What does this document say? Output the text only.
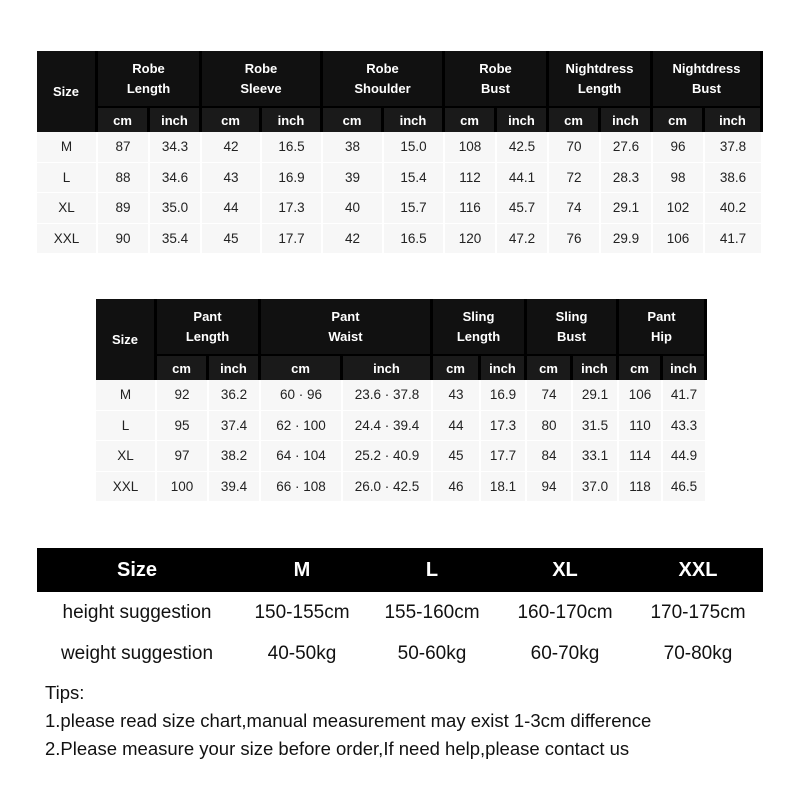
Size	
Robe
Length

Robe
Sleeve

Robe
Shoulder

Robe
Bust

Nightdress
Length

Nightdress
Bust

	cm	inch	cm	inch	cm	inch	cm	inch	cm	inch	cm	inch
M	87	34.3	42	16.5	38	15.0	108	42.5	70	27.6	96	37.8
L	88	34.6	43	16.9	39	15.4	112	44.1	72	28.3	98	38.6
XL	89	35.0	44	17.3	40	15.7	116	45.7	74	29.1	102	40.2
XXL	90	35.4	45	17.7	42	16.5	120	47.2	76	29.9	106	41.7
Size	
Pant
Length

Pant
Waist

Sling
Length

Sling
Bust

Pant
Hip

	cm	inch	cm	inch	cm	inch	cm	inch	cm	inch
M	92	36.2	60 · 96	23.6 · 37.8	43	16.9	74	29.1	106	41.7
L	95	37.4	62 · 100	24.4 · 39.4	44	17.3	80	31.5	110	43.3
XL	97	38.2	64 · 104	25.2 · 40.9	45	17.7	84	33.1	114	44.9
XXL	100	39.4	66 · 108	26.0 · 42.5	46	18.1	94	37.0	118	46.5
Size	M	L	XL	XXL
height suggestion	150-155cm	155-160cm	160-170cm	170-175cm
weight suggestion	40-50kg	50-60kg	60-70kg	70-80kg
Tips:
1.please read size chart,manual measurement may exist 1-3cm difference
2.Please measure your size before order,If need help,please contact us
